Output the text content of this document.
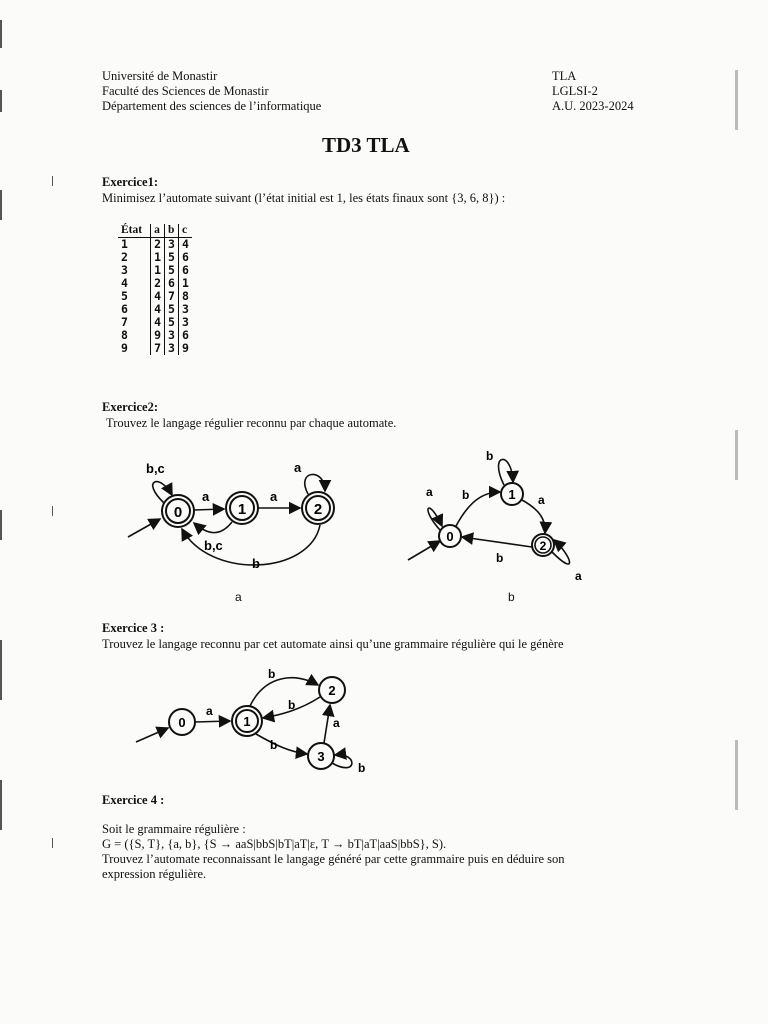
Université de Monastir
Faculté des Sciences de Monastir
Département des sciences de l’informatique
TLA
LGLSI-2
A.U. 2023-2024
TD3 TLA
Exercice1:
Minimisez l’automate suivant (l’état initial est 1, les états finaux sont {3, 6, 8}) :
État	a	b	c
1	2	3	4
2	1	5	6
3	1	5	6
4	2	6	1
5	4	7	8
6	4	5	3
7	4	5	3
8	9	3	6
9	7	3	9
Exercice2:
Trouvez le langage régulier reconnu par chaque automate.
0	1	2
b,c
a	a
a
b,c
b
a
0
1
2
b
a b	a
b
a
b
Exercice 3 :
Trouvez le langage reconnu par cet automate ainsi qu’une grammaire régulière qui le génère
0	1
2
3
a
b
b
a
b
b
Exercice 4 :
Soit le grammaire régulière :
G = ({S, T}, {a, b}, {S → aaS|bbS|bT|aT|ε, T → bT|aT|aaS|bbS}, S).
Trouvez l’automate reconnaissant le langage généré par cette grammaire puis en déduire son
expression régulière.
